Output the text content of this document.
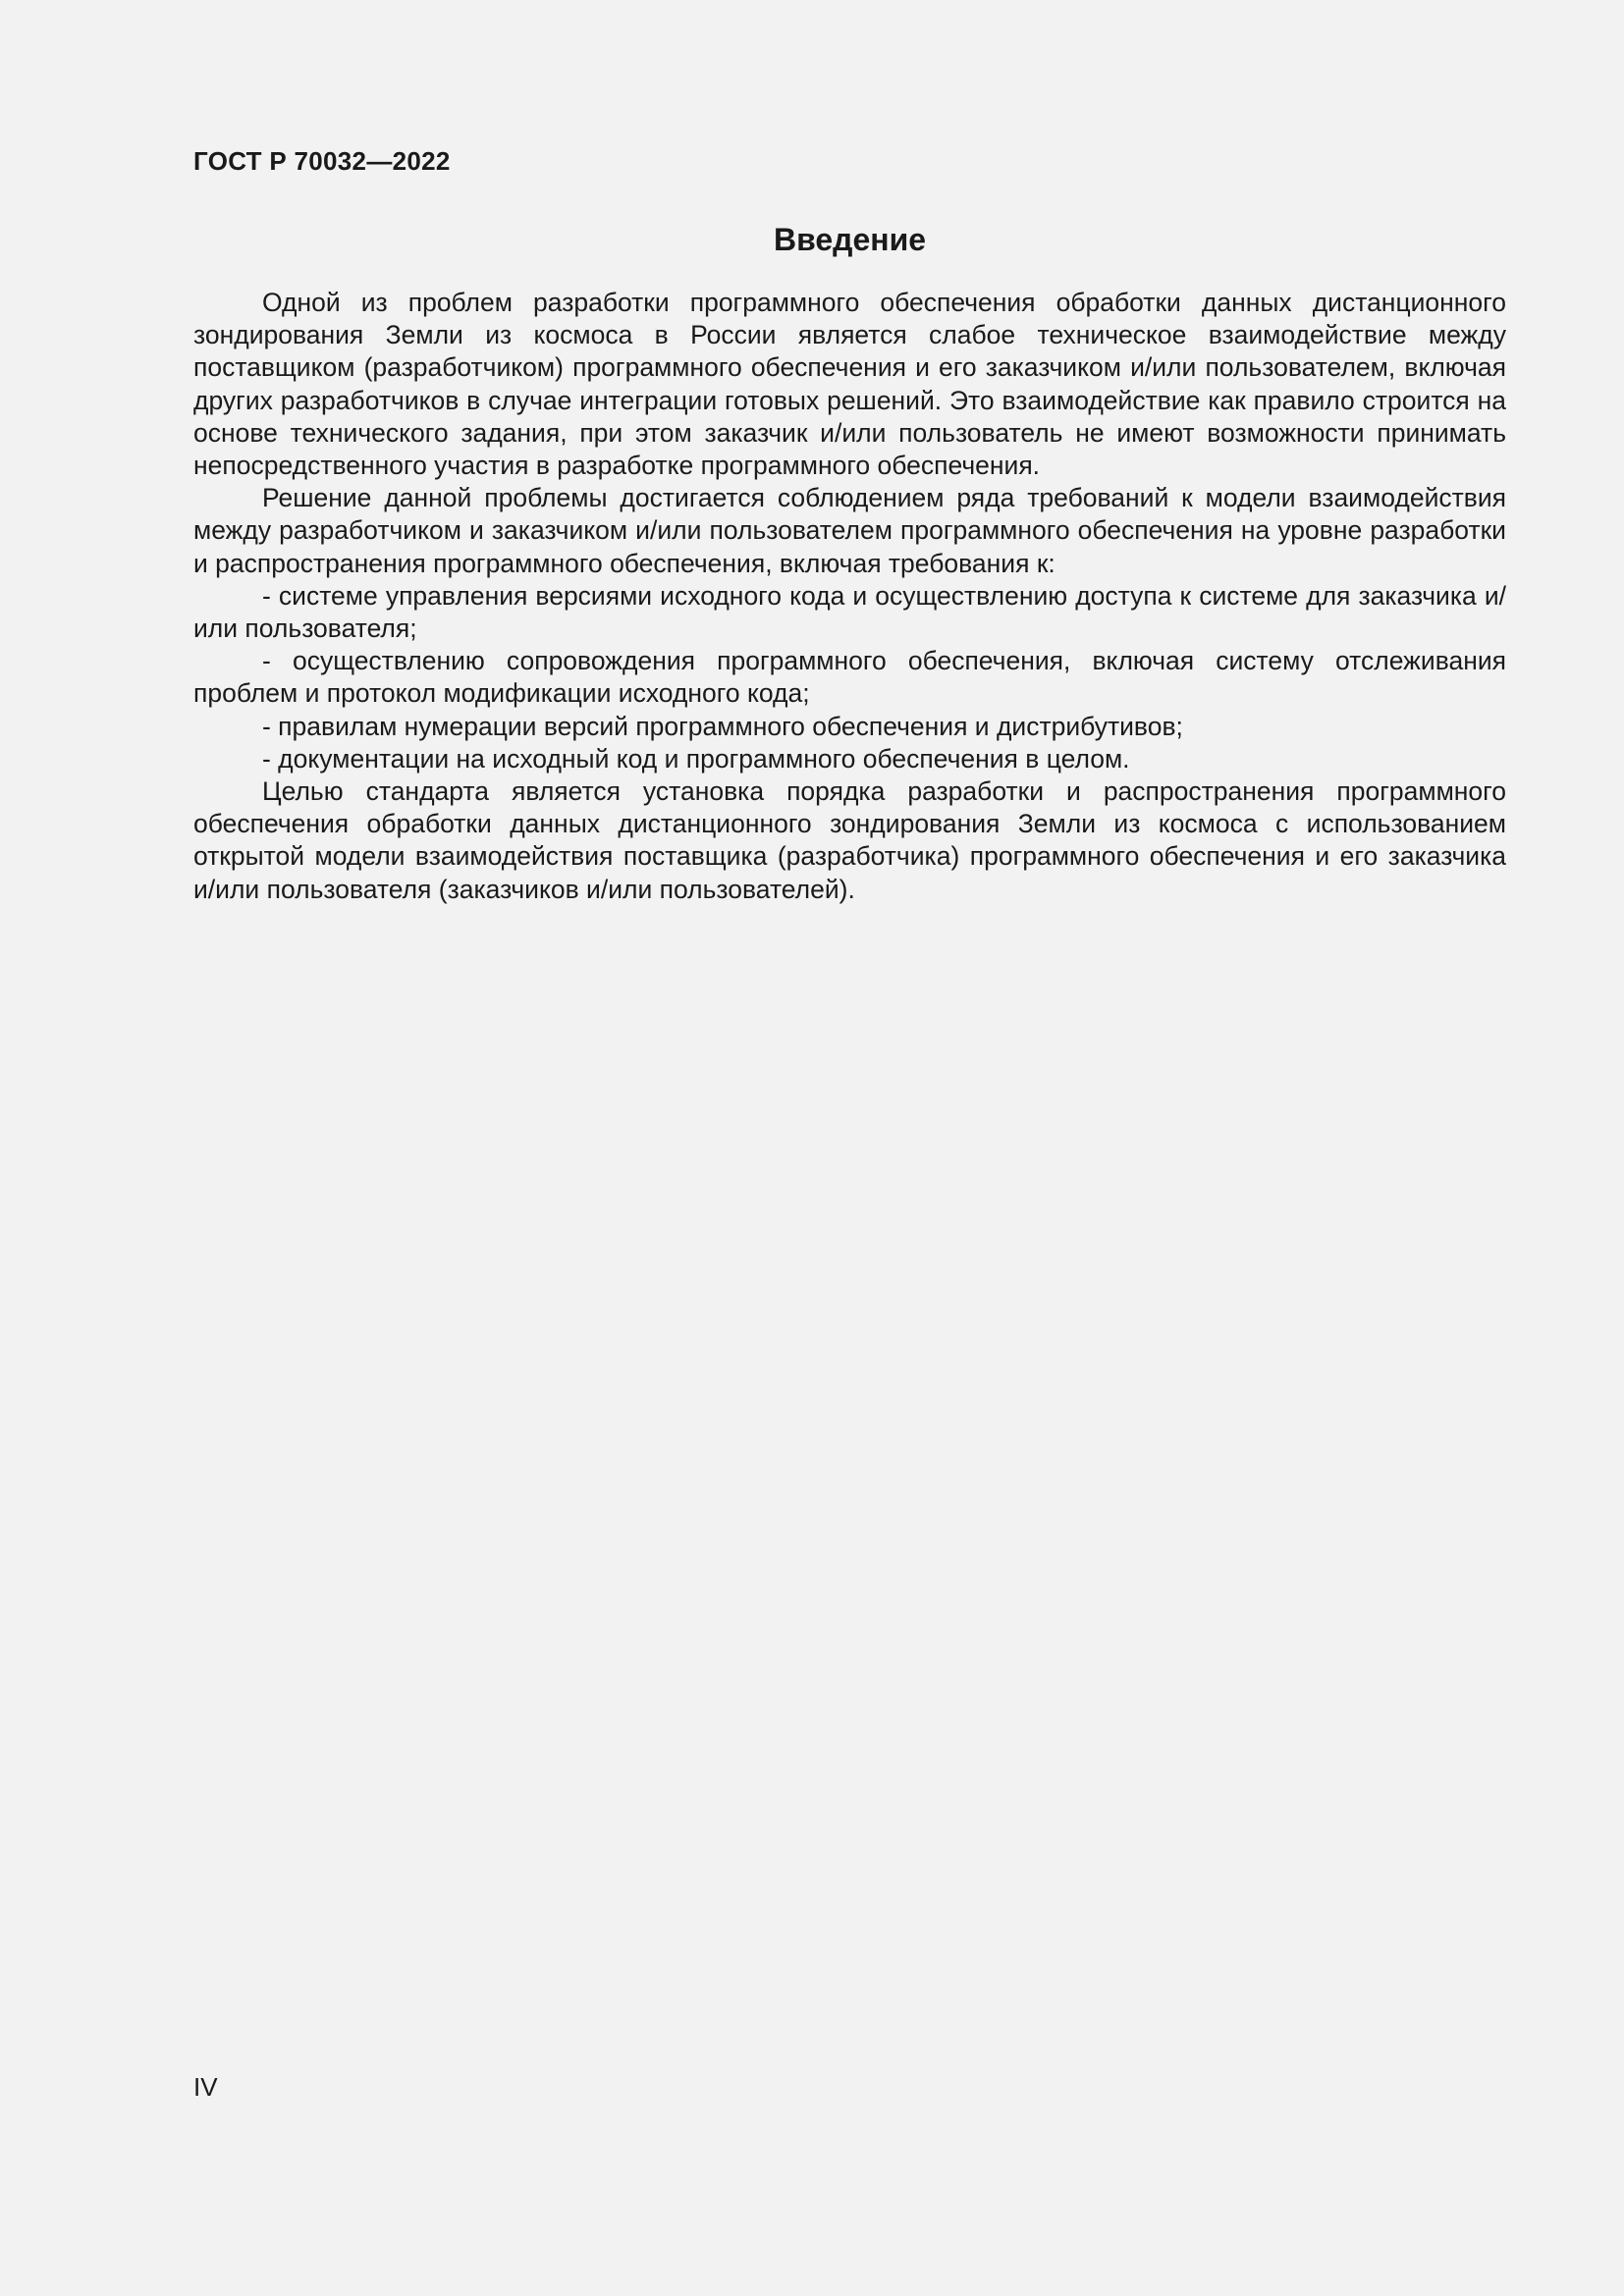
ГОСТ Р 70032—2022
Введение

Одной из проблем разработки программного обеспечения обработки данных дистанционного зондирования Земли из космоса в России является слабое техническое взаимодействие между поставщиком (разработчиком) программного обеспечения и его заказчиком и/или пользователем, включая других разработчиков в случае интеграции готовых решений. Это взаимодействие как правило строится на основе технического задания, при этом заказчик и/или пользователь не имеют возможности принимать непосредственного участия в разработке программного обеспечения.

Решение данной проблемы достигается соблюдением ряда требований к модели взаимодействия между разработчиком и заказчиком и/или пользователем программного обеспечения на уровне разработки и распространения программного обеспечения, включая требования к:

- системе управления версиями исходного кода и осуществлению доступа к системе для заказчика и/или пользователя;

- осуществлению сопровождения программного обеспечения, включая систему отслеживания проблем и протокол модификации исходного кода;

- правилам нумерации версий программного обеспечения и дистрибутивов;

- документации на исходный код и программного обеспечения в целом.

Целью стандарта является установка порядка разработки и распространения программного обеспечения обработки данных дистанционного зондирования Земли из космоса с использованием открытой модели взаимодействия поставщика (разработчика) программного обеспечения и его заказчика и/или пользователя (заказчиков и/или пользователей).

IV
